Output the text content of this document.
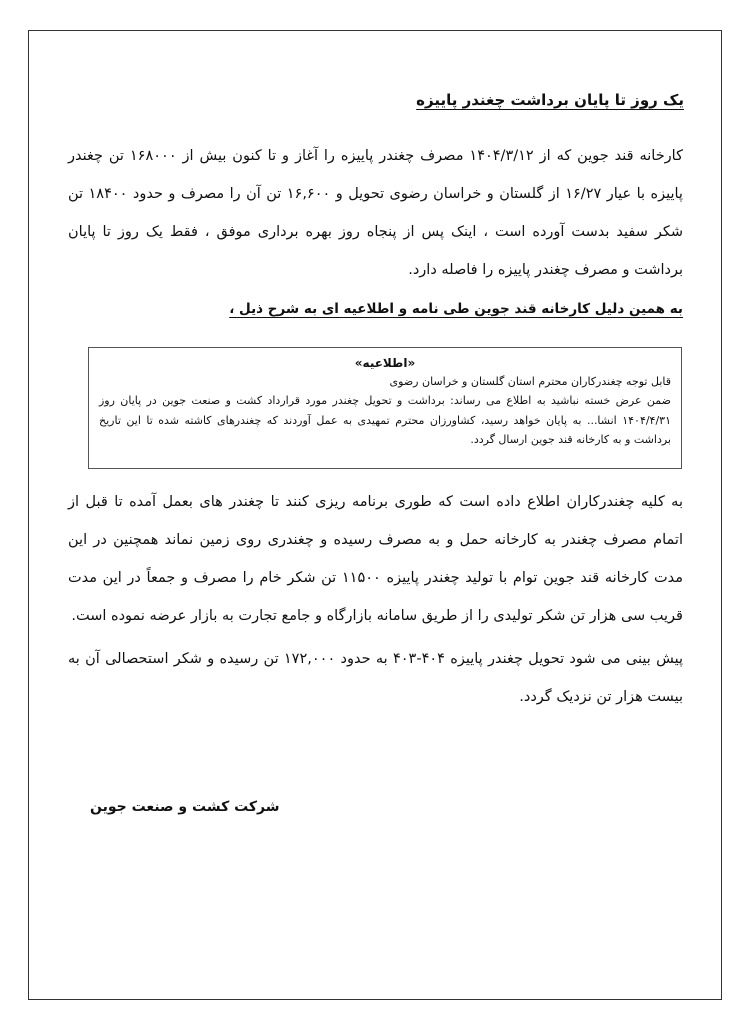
یک روز تا پایان برداشت چغندر پاییزه
کارخانه قند جوین که از ۱۴۰۴/۳/۱۲ مصرف چغندر پاییزه را آغاز و تا کنون بیش از ۱۶۸۰۰۰ تن چغندر پاییزه با عیار ۱۶/۲۷ از گلستان و خراسان رضوی تحویل و ۱۶,۶۰۰ تن آن را مصرف و حدود ۱۸۴۰۰ تن شکر سفید بدست آورده است ، اینک پس از پنجاه روز بهره برداری موفق ، فقط یک روز تا پایان برداشت و مصرف چغندر پاییزه را فاصله دارد.
به همین دلیل کارخانه قند جوین طی نامه و اطلاعیه ای به شرح ذیل ،
«اطلاعیه»
قابل توجه چغندرکاران محترم استان گلستان و خراسان رضوی
ضمن عرض خسته نباشید به اطلاع می رساند: برداشت و تحویل چغندر مورد قرارداد کشت و صنعت جوین در پایان روز ۱۴۰۴/۴/۳۱ انشا... به پایان خواهد رسید، کشاورزان محترم تمهیدی به عمل آوردند که چغندرهای کاشته شده تا این تاریخ برداشت و به کارخانه قند جوین ارسال گردد.
به کلیه چغندرکاران اطلاع داده است که طوری برنامه ریزی کنند تا چغندر های بعمل آمده تا قبل از اتمام مصرف چغندر به کارخانه حمل و به مصرف رسیده و چغندری روی زمین نماند همچنین در این مدت کارخانه قند جوین توام با تولید چغندر پاییزه ۱۱۵۰۰ تن شکر خام را مصرف و جمعاً در این مدت قریب سی هزار تن شکر تولیدی را از طریق سامانه بازارگاه و جامع تجارت به بازار عرضه نموده است.
پیش بینی می شود تحویل چغندر پاییزه ۴۰۴-۴۰۳ به حدود ۱۷۲,۰۰۰ تن رسیده و شکر استحصالی آن به بیست هزار تن نزدیک گردد.
شرکت کشت و صنعت جوین
